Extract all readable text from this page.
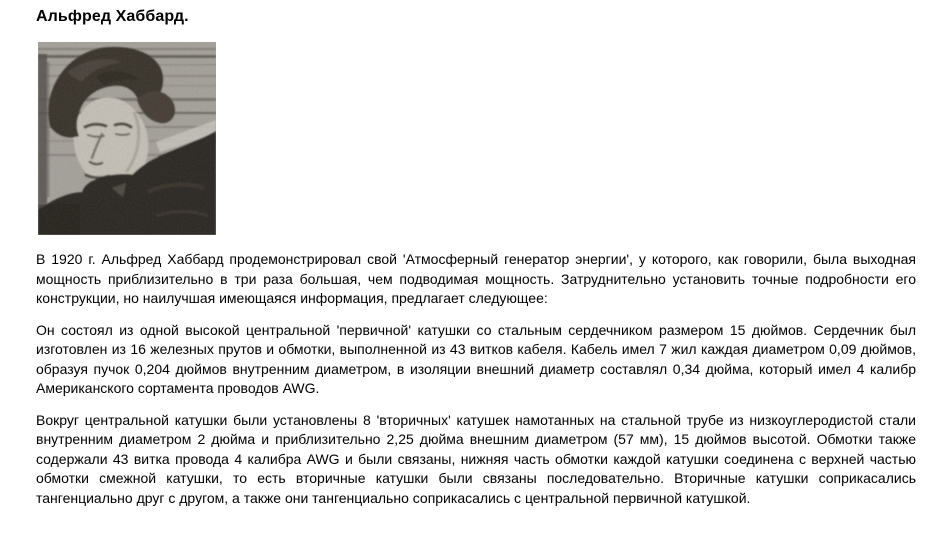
Альфред Хаббард.

В 1920 г. Альфред Хаббард продемонстрировал свой 'Атмосферный генератор энергии', у которого, как говорили, была выходная мощность приблизительно в три раза большая, чем подводимая мощность. Затруднительно установить точные подробности его конструкции, но наилучшая имеющаяся информация, предлагает следующее:

Он состоял из одной высокой центральной 'первичной' катушки со стальным сердечником размером 15 дюймов. Сердечник был изготовлен из 16 железных прутов и обмотки, выполненной из 43 витков кабеля. Кабель имел 7 жил каждая диаметром 0,09 дюймов, образуя пучок 0,204 дюймов внутренним диаметром, в изоляции внешний диаметр составлял 0,34 дюйма, который имел 4 калибр Американского сортамента проводов AWG.

Вокруг центральной катушки были установлены 8 'вторичных' катушек намотанных на стальной трубе из низкоуглеродистой стали внутренним диаметром 2 дюйма и приблизительно 2,25 дюйма внешним диаметром (57 мм), 15 дюймов высотой. Обмотки также содержали 43 витка провода 4 калибра AWG и были связаны, нижняя часть обмотки каждой катушки соединена с верхней частью обмотки смежной катушки, то есть вторичные катушки были связаны последовательно. Вторичные катушки соприкасались тангенциально друг с другом, а также они тангенциально соприкасались с центральной первичной катушкой.
